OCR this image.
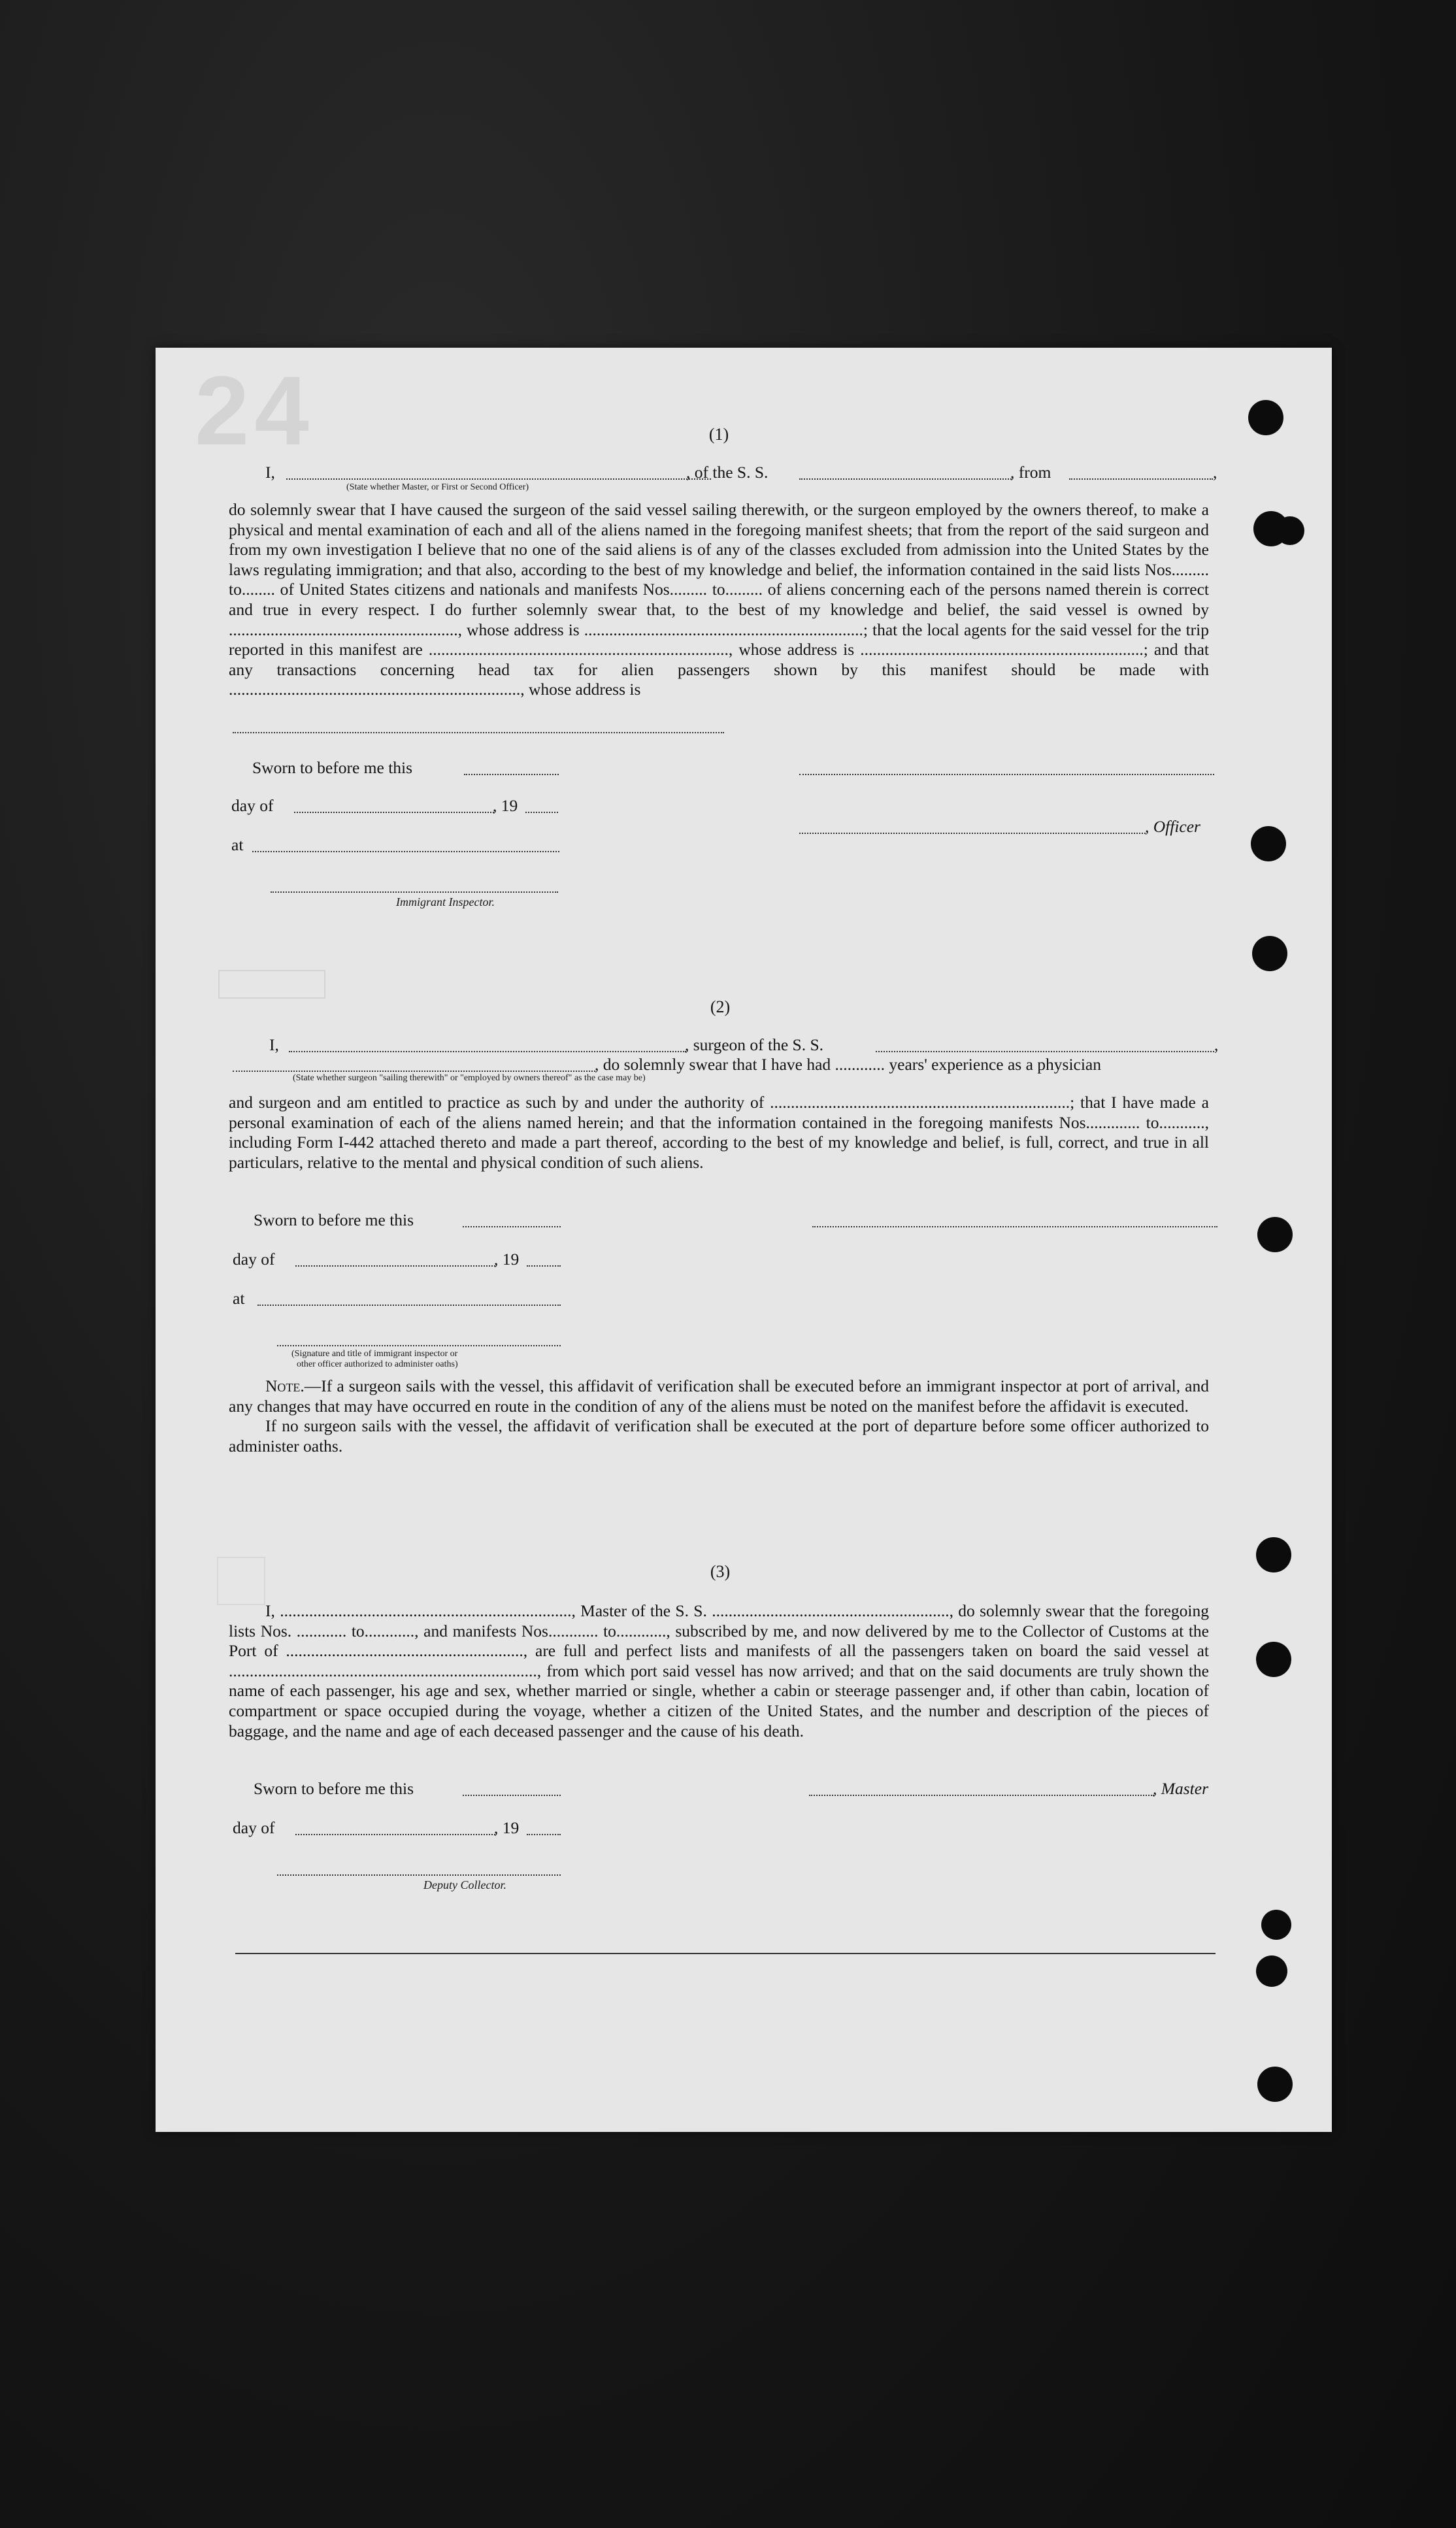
24	(1)
I,	, of the S. S.	, from	,
(State whether Master, or First or Second Officer)

do solemnly swear that I have caused the surgeon of the said vessel sailing therewith, or the surgeon employed by the owners thereof, to make a physical and mental examination of each and all of the aliens named in the foregoing manifest sheets; that from the report of the said surgeon and from my own investigation I believe that no one of the said aliens is of any of the classes excluded from admission into the United States by the laws regulating immigration; and that also, according to the best of my knowledge and belief, the information contained in the said lists Nos......... to........ of United States citizens and nationals and manifests Nos......... to......... of aliens concerning each of the persons named therein is correct and true in every respect. I do further solemnly swear that, to the best of my knowledge and belief, the said vessel is owned by ......................................................., whose address is ...................................................................; that the local agents for the said vessel for the trip reported in this manifest are ........................................................................, whose address is ....................................................................; and that any transactions concerning head tax for alien passengers shown by this manifest should be made with ......................................................................, whose address is

Sworn to before me this
day of	, 19
, Officer
at
Immigrant Inspector.
(2)
I,	, surgeon of the S. S.	,
, do solemnly swear that I have had ............ years' experience as a physician
(State whether surgeon "sailing therewith" or "employed by owners thereof" as the case may be)

and surgeon and am entitled to practice as such by and under the authority of ........................................................................; that I have made a personal examination of each of the aliens named herein; and that the information contained in the foregoing manifests Nos............. to..........., including Form I-442 attached thereto and made a part thereof, according to the best of my knowledge and belief, is full, correct, and true in all particulars, relative to the mental and physical condition of such aliens.

Sworn to before me this
day of	, 19
at
(Signature and title of immigrant inspector or
other officer authorized to administer oaths)

Note.—If a surgeon sails with the vessel, this affidavit of verification shall be executed before an immigrant inspector at port of arrival, and any changes that may have occurred en route in the condition of any of the aliens must be noted on the manifest before the affidavit is executed.

If no surgeon sails with the vessel, the affidavit of verification shall be executed at the port of departure before some officer authorized to administer oaths.

(3)

I, ......................................................................, Master of the S. S. ........................................................., do solemnly swear that the foregoing lists Nos. ............ to............, and manifests Nos............ to............, subscribed by me, and now delivered by me to the Collector of Customs at the Port of ........................................................., are full and perfect lists and manifests of all the passengers taken on board the said vessel at .........................................................................., from which port said vessel has now arrived; and that on the said documents are truly shown the name of each passenger, his age and sex, whether married or single, whether a cabin or steerage passenger and, if other than cabin, location of compartment or space occupied during the voyage, whether a citizen of the United States, and the number and description of the pieces of baggage, and the name and age of each deceased passenger and the cause of his death.

Sworn to before me this	, Master
day of	, 19
Deputy Collector.
